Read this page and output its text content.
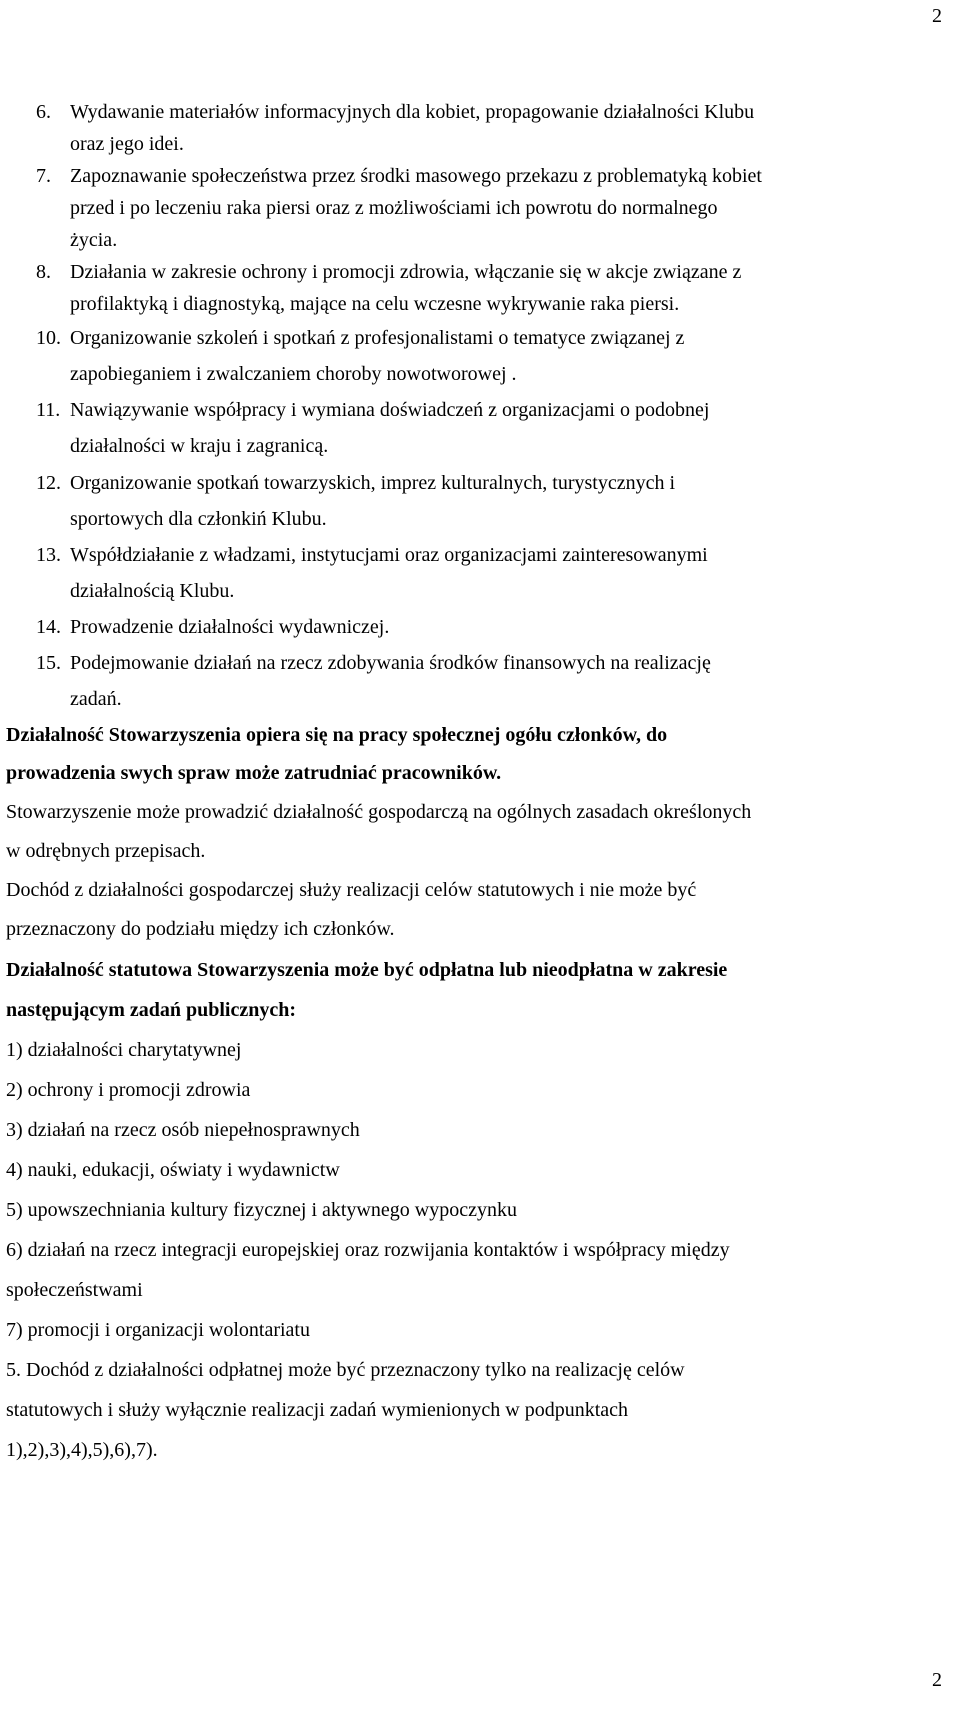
2
6. Wydawanie materiałów informacyjnych dla kobiet, propagowanie działalności Klubu
oraz jego idei.
7. Zapoznawanie społeczeństwa przez środki masowego przekazu z problematyką kobiet
przed i po leczeniu raka piersi oraz z możliwościami ich powrotu do normalnego
życia.
8. Działania w zakresie ochrony i promocji zdrowia, włączanie się w akcje związane z
profilaktyką i diagnostyką, mające na celu wczesne wykrywanie raka piersi.
10. Organizowanie szkoleń i spotkań z profesjonalistami o tematyce związanej z
zapobieganiem i zwalczaniem choroby nowotworowej .
11. Nawiązywanie współpracy i wymiana doświadczeń z organizacjami o podobnej
działalności w kraju i zagranicą.
12. Organizowanie spotkań towarzyskich, imprez kulturalnych, turystycznych i
sportowych dla członkiń Klubu.
13. Współdziałanie z władzami, instytucjami oraz organizacjami zainteresowanymi
działalnością Klubu.
14. Prowadzenie działalności wydawniczej.
15. Podejmowanie działań na rzecz zdobywania środków finansowych na realizację
zadań.
Działalność Stowarzyszenia opiera się na pracy społecznej ogółu członków, do
prowadzenia swych spraw może zatrudniać pracowników.
Stowarzyszenie może prowadzić działalność gospodarczą na ogólnych zasadach określonych
w odrębnych przepisach.
Dochód z działalności gospodarczej służy realizacji celów statutowych i nie może być
przeznaczony do podziału między ich członków.
Działalność statutowa Stowarzyszenia może być odpłatna lub nieodpłatna w zakresie
następującym zadań publicznych:
1) działalności charytatywnej
2) ochrony i promocji zdrowia
3) działań na rzecz osób niepełnosprawnych
4) nauki, edukacji, oświaty i wydawnictw
5) upowszechniania kultury fizycznej i aktywnego wypoczynku
6) działań na rzecz integracji europejskiej oraz rozwijania kontaktów i współpracy między
społeczeństwami
7) promocji i organizacji wolontariatu
5. Dochód z działalności odpłatnej może być przeznaczony tylko na realizację celów
statutowych i służy wyłącznie realizacji zadań wymienionych w podpunktach
1),2),3),4),5),6),7).
2
